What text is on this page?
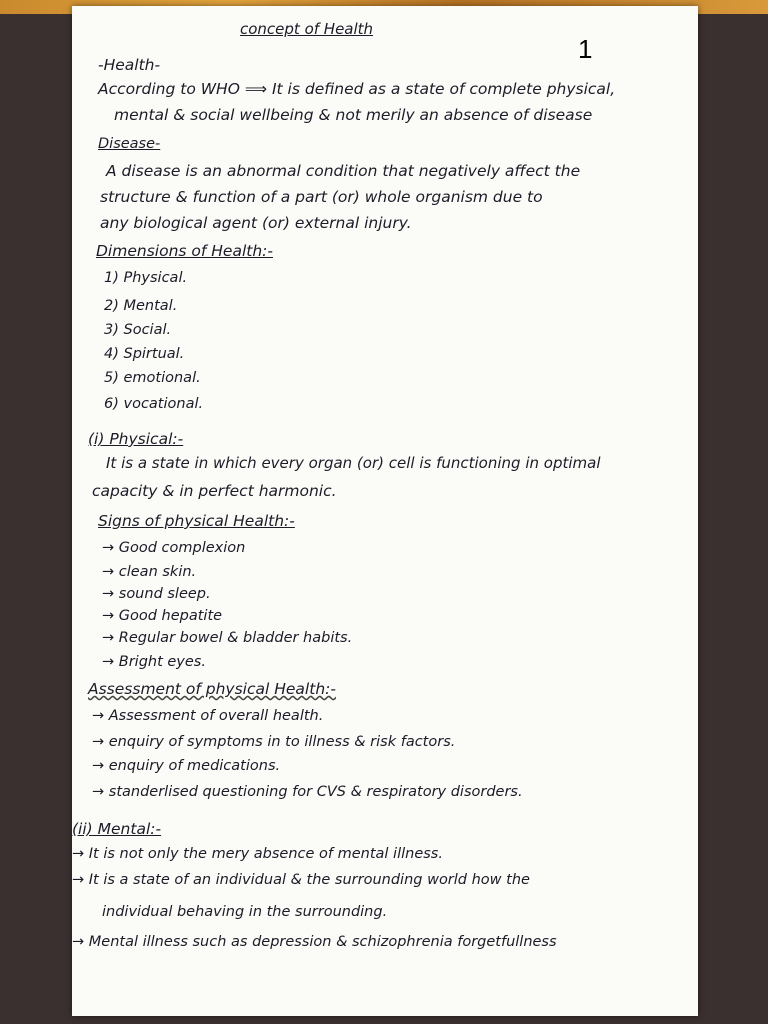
concept of Health
1
-Health-
According to WHO ⟹ It is defined as a state of complete physical,
mental & social wellbeing & not merily an absence of disease
Disease-
A disease is an abnormal condition that negatively affect the
structure & function of a part (or) whole organism due to
any biological agent (or) external injury.
Dimensions of Health:-
1) Physical.
2) Mental.
3) Social.
4) Spirtual.
5) emotional.
6) vocational.
(i) Physical:-
It is a state in which every organ (or) cell is functioning in optimal
capacity & in perfect harmonic.
Signs of physical Health:-
→ Good complexion
→ clean skin.
→ sound sleep.
→ Good hepatite
→ Regular bowel & bladder habits.
→ Bright eyes.
Assessment of physical Health:-
→ Assessment of overall health.
→ enquiry of symptoms in to illness & risk factors.
→ enquiry of medications.
→ standerlised questioning for CVS & respiratory disorders.
(ii) Mental:-
→ It is not only the mery absence of mental illness.
→ It is a state of an individual & the surrounding world how the
individual behaving in the surrounding.
→ Mental illness such as depression & schizophrenia forgetfullness
